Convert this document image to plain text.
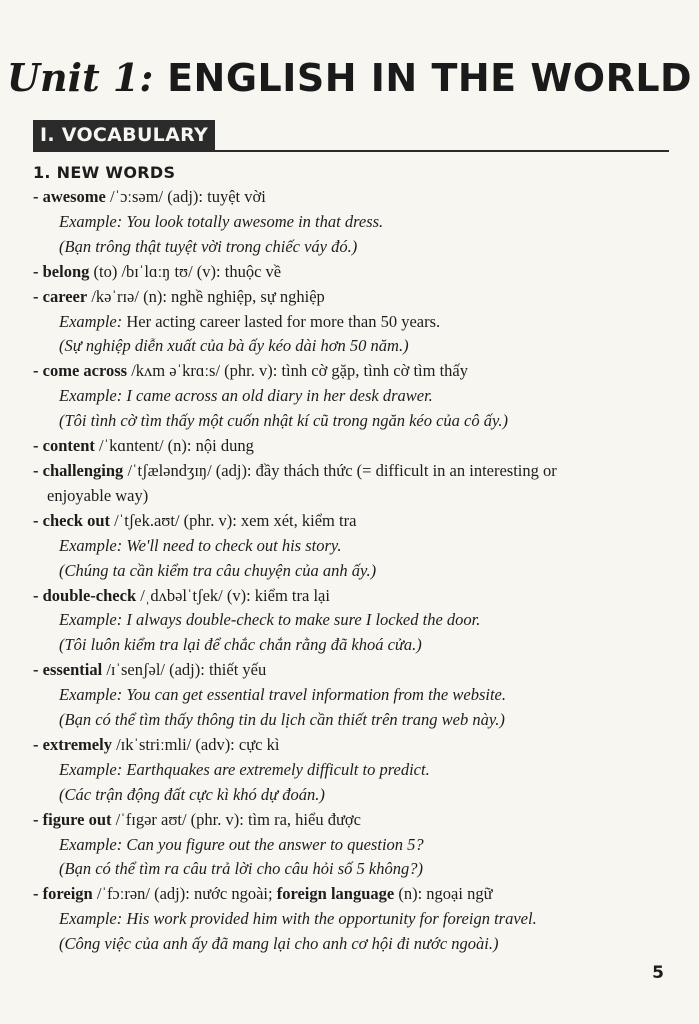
Unit 1: ENGLISH IN THE WORLD
I. VOCABULARY
1. NEW WORDS
- awesome /ˈɔːsəm/ (adj): tuyệt vời
Example: You look totally awesome in that dress.
(Bạn trông thật tuyệt vời trong chiếc váy đó.)
- belong (to) /bɪˈlɑːŋ tʊ/ (v): thuộc về
- career /kəˈrɪə/ (n): nghề nghiệp, sự nghiệp
Example: Her acting career lasted for more than 50 years.
(Sự nghiệp diễn xuất của bà ấy kéo dài hơn 50 năm.)
- come across /kʌm əˈkrɑːs/ (phr. v): tình cờ gặp, tình cờ tìm thấy
Example: I came across an old diary in her desk drawer.
(Tôi tình cờ tìm thấy một cuốn nhật kí cũ trong ngăn kéo của cô ấy.)
- content /ˈkɑntent/ (n): nội dung
- challenging /ˈtʃæləndʒɪŋ/ (adj): đầy thách thức (= difficult in an interesting or
enjoyable way)
- check out /ˈtʃek.aʊt/ (phr. v): xem xét, kiểm tra
Example: We'll need to check out his story.
(Chúng ta cần kiểm tra câu chuyện của anh ấy.)
- double-check /ˌdʌbəlˈtʃek/ (v): kiểm tra lại
Example: I always double-check to make sure I locked the door.
(Tôi luôn kiểm tra lại để chắc chắn rằng đã khoá cửa.)
- essential /ɪˈsenʃəl/ (adj): thiết yếu
Example: You can get essential travel information from the website.
(Bạn có thể tìm thấy thông tin du lịch cần thiết trên trang web này.)
- extremely /ɪkˈstriːmli/ (adv): cực kì
Example: Earthquakes are extremely difficult to predict.
(Các trận động đất cực kì khó dự đoán.)
- figure out /ˈfɪgər aʊt/ (phr. v): tìm ra, hiểu được
Example: Can you figure out the answer to question 5?
(Bạn có thể tìm ra câu trả lời cho câu hỏi số 5 không?)
- foreign /ˈfɔːrən/ (adj): nước ngoài; foreign language (n): ngoại ngữ
Example: His work provided him with the opportunity for foreign travel.
(Công việc của anh ấy đã mang lại cho anh cơ hội đi nước ngoài.)
5
